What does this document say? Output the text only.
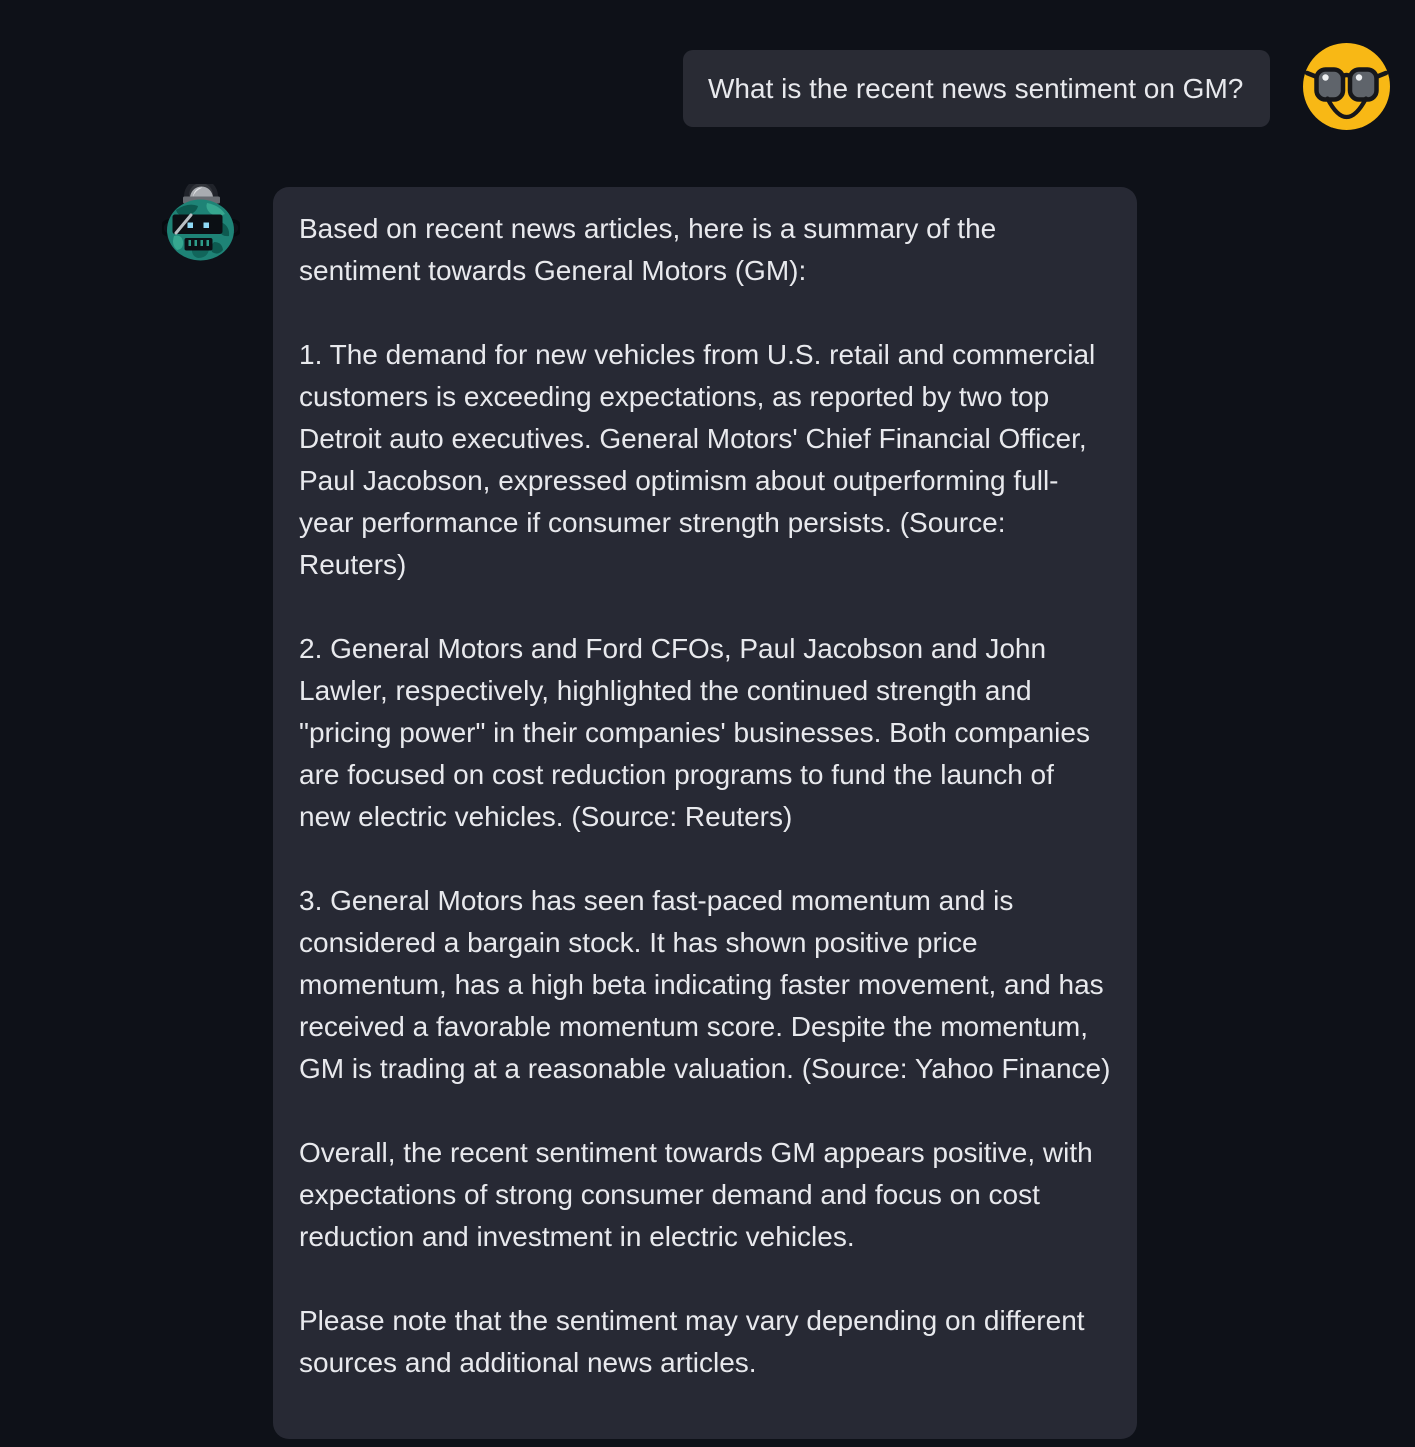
What is the recent news sentiment on GM?

Based on recent news articles, here is a summary of the sentiment towards General Motors (GM):

1. The demand for new vehicles from U.S. retail and commercial customers is exceeding expectations, as reported by two top Detroit auto executives. General Motors' Chief Financial Officer, Paul Jacobson, expressed optimism about outperforming full-year performance if consumer strength persists. (Source: Reuters)

2. General Motors and Ford CFOs, Paul Jacobson and John Lawler, respectively, highlighted the continued strength and "pricing power" in their companies' businesses. Both companies are focused on cost reduction programs to fund the launch of new electric vehicles. (Source: Reuters)

3. General Motors has seen fast-paced momentum and is considered a bargain stock. It has shown positive price momentum, has a high beta indicating faster movement, and has received a favorable momentum score. Despite the momentum, GM is trading at a reasonable valuation. (Source: Yahoo Finance)

Overall, the recent sentiment towards GM appears positive, with expectations of strong consumer demand and focus on cost reduction and investment in electric vehicles.

Please note that the sentiment may vary depending on different sources and additional news articles.
